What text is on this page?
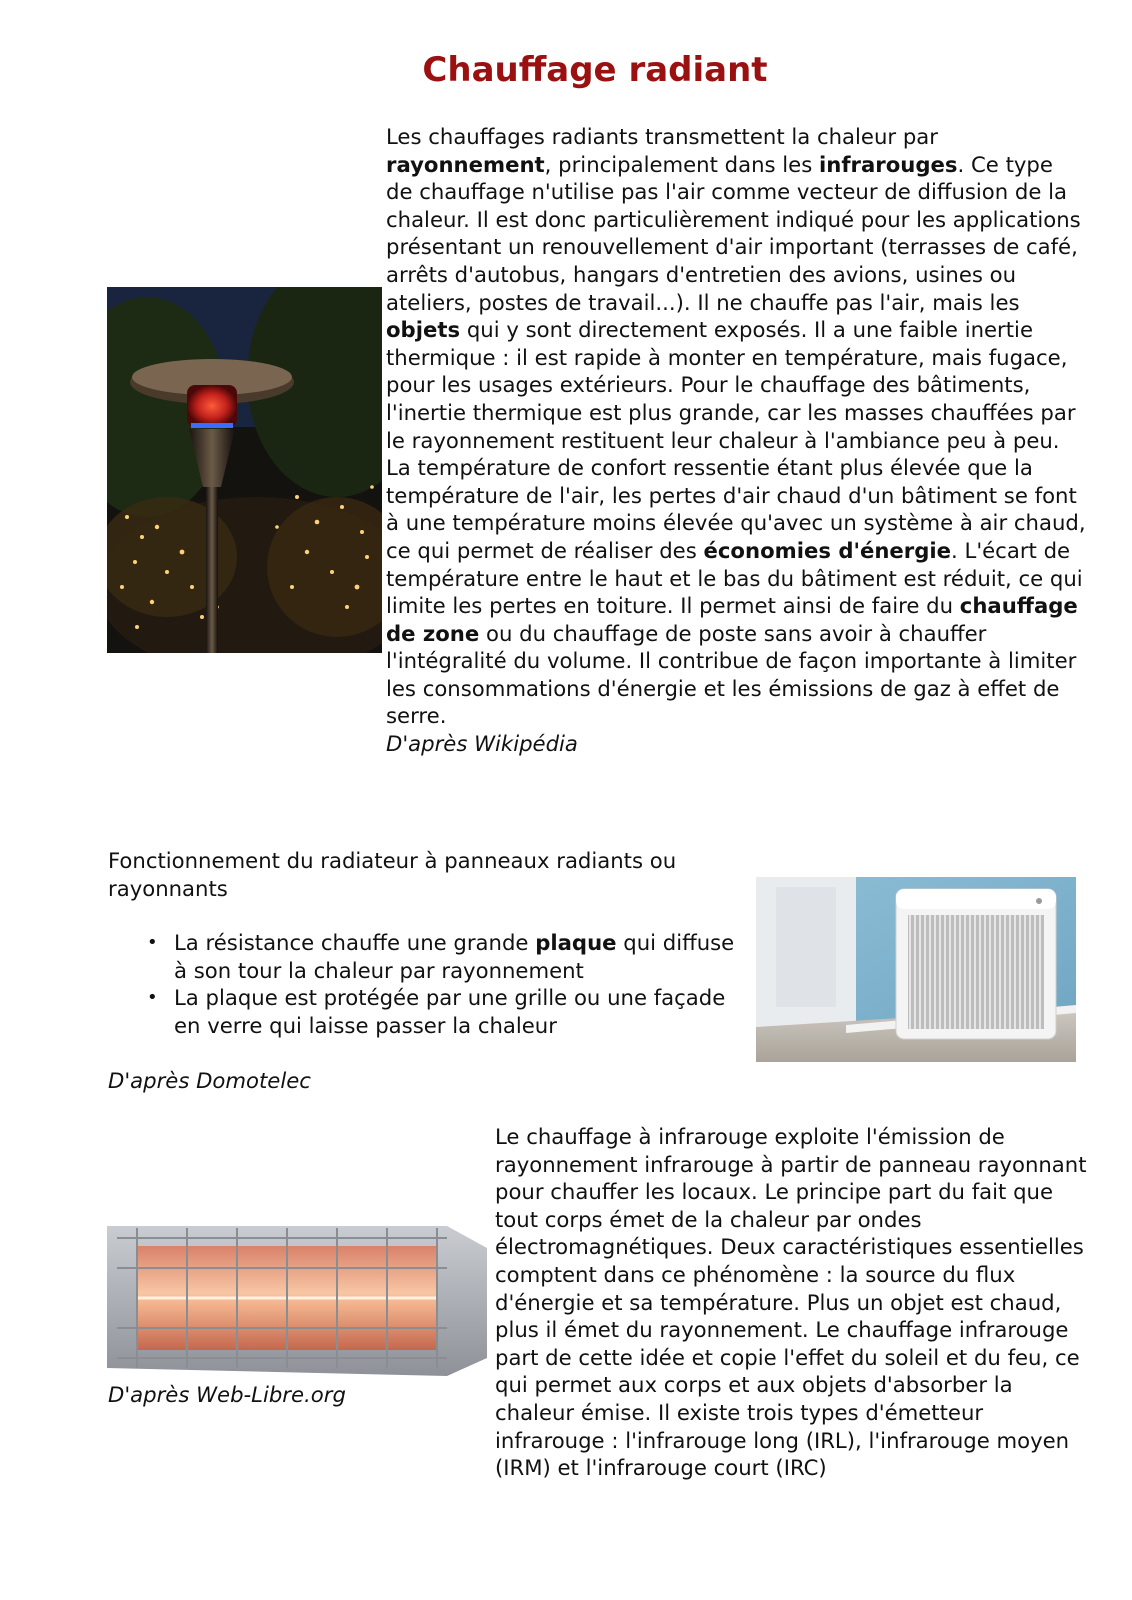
Chauffage radiant
Les chauffages radiants transmettent la chaleur par rayonnement, principalement dans les infrarouges. Ce type de chauffage n'utilise pas l'air comme vecteur de diffusion de la chaleur. Il est donc particulièrement indiqué pour les applications présentant un renouvellement d'air important (terrasses de café, arrêts d'autobus, hangars d'entretien des avions, usines ou ateliers, postes de travail...). Il ne chauffe pas l'air, mais les objets qui y sont directement exposés. Il a une faible inertie thermique : il est rapide à monter en température, mais fugace, pour les usages extérieurs. Pour le chauffage des bâtiments, l'inertie thermique est plus grande, car les masses chauffées par le rayonnement restituent leur chaleur à l'ambiance peu à peu. La température de confort ressentie étant plus élevée que la température de l'air, les pertes d'air chaud d'un bâtiment se font à une température moins élevée qu'avec un système à air chaud, ce qui permet de réaliser des économies d'énergie. L'écart de température entre le haut et le bas du bâtiment est réduit, ce qui limite les pertes en toiture. Il permet ainsi de faire du chauffage de zone ou du chauffage de poste sans avoir à chauffer l'intégralité du volume. Il contribue de façon importante à limiter les consommations d'énergie et les émissions de gaz à effet de serre.
D'après Wikipédia
Fonctionnement du radiateur à panneaux radiants ou rayonnants
• La résistance chauffe une grande plaque qui diffuse à son tour la chaleur par rayonnement
• La plaque est protégée par une grille ou une façade en verre qui laisse passer la chaleur
D'après Domotelec
D'après Web-Libre.org
Le chauffage à infrarouge exploite l'émission de rayonnement infrarouge à partir de panneau rayonnant pour chauffer les locaux. Le principe part du fait que tout corps émet de la chaleur par ondes électromagnétiques. Deux caractéristiques essentielles comptent dans ce phénomène : la source du flux d'énergie et sa température. Plus un objet est chaud, plus il émet du rayonnement. Le chauffage infrarouge part de cette idée et copie l'effet du soleil et du feu, ce qui permet aux corps et aux objets d'absorber la chaleur émise. Il existe trois types d'émetteur infrarouge : l'infrarouge long (IRL), l'infrarouge moyen (IRM) et l'infrarouge court (IRC)
